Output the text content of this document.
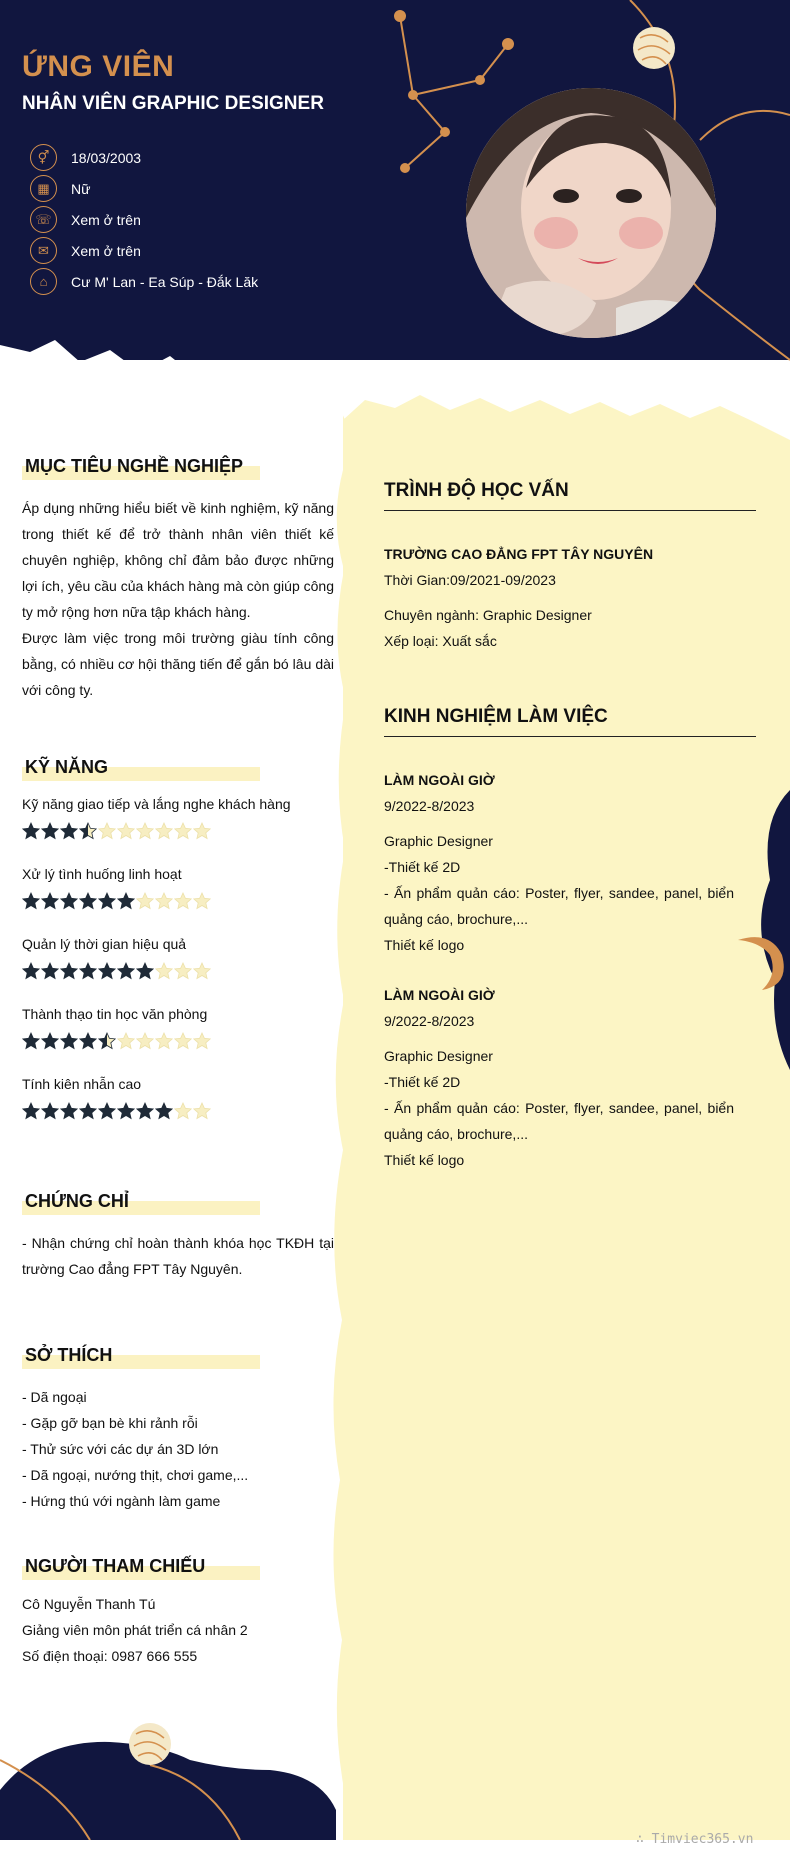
ỨNG VIÊN
NHÂN VIÊN GRAPHIC DESIGNER
⚥	18/03/2003
▦	Nữ
☏	Xem ở trên
✉	Xem ở trên
⌂	Cư M' Lan - Ea Súp - Đắk Lăk
MỤC TIÊU NGHỀ NGHIỆP
Áp dụng những hiểu biết về kinh nghiệm, kỹ năng trong thiết kế để trở thành nhân viên thiết kế chuyên nghiệp, không chỉ đảm bảo được những lợi ích, yêu cầu của khách hàng mà còn giúp công ty mở rộng hơn nữa tập khách hàng.
Được làm việc trong môi trường giàu tính công bằng, có nhiều cơ hội thăng tiến để gắn bó lâu dài với công ty.
KỸ NĂNG
Kỹ năng giao tiếp và lắng nghe khách hàng
Xử lý tình huống linh hoạt
Quản lý thời gian hiệu quả
Thành thạo tin học văn phòng
Tính kiên nhẫn cao
CHỨNG CHỈ
- Nhận chứng chỉ hoàn thành khóa học TKĐH tại trường Cao đẳng FPT Tây Nguyên.
SỞ THÍCH
- Dã ngoại
- Gặp gỡ bạn bè khi rảnh rỗi
- Thử sức với các dự án 3D lớn
- Dã ngoại, nướng thịt, chơi game,...
- Hứng thú với ngành làm game
NGƯỜI THAM CHIẾU
Cô Nguyễn Thanh Tú
Giảng viên môn phát triển cá nhân 2
Số điện thoại: 0987 666 555
TRÌNH ĐỘ HỌC VẤN
TRƯỜNG CAO ĐẲNG FPT TÂY NGUYÊN
Thời Gian:09/2021-09/2023
Chuyên ngành: Graphic Designer
Xếp loại: Xuất sắc
KINH NGHIỆM LÀM VIỆC
LÀM NGOÀI GIỜ
9/2022-8/2023
Graphic Designer
-Thiết kế 2D
- Ấn phẩm quản cáo: Poster, flyer, sandee, panel, biển quảng cáo, brochure,...
Thiết kế logo
LÀM NGOÀI GIỜ
9/2022-8/2023
Graphic Designer
-Thiết kế 2D
- Ấn phẩm quản cáo: Poster, flyer, sandee, panel, biển quảng cáo, brochure,...
Thiết kế logo
∴ Timviec365.vn
